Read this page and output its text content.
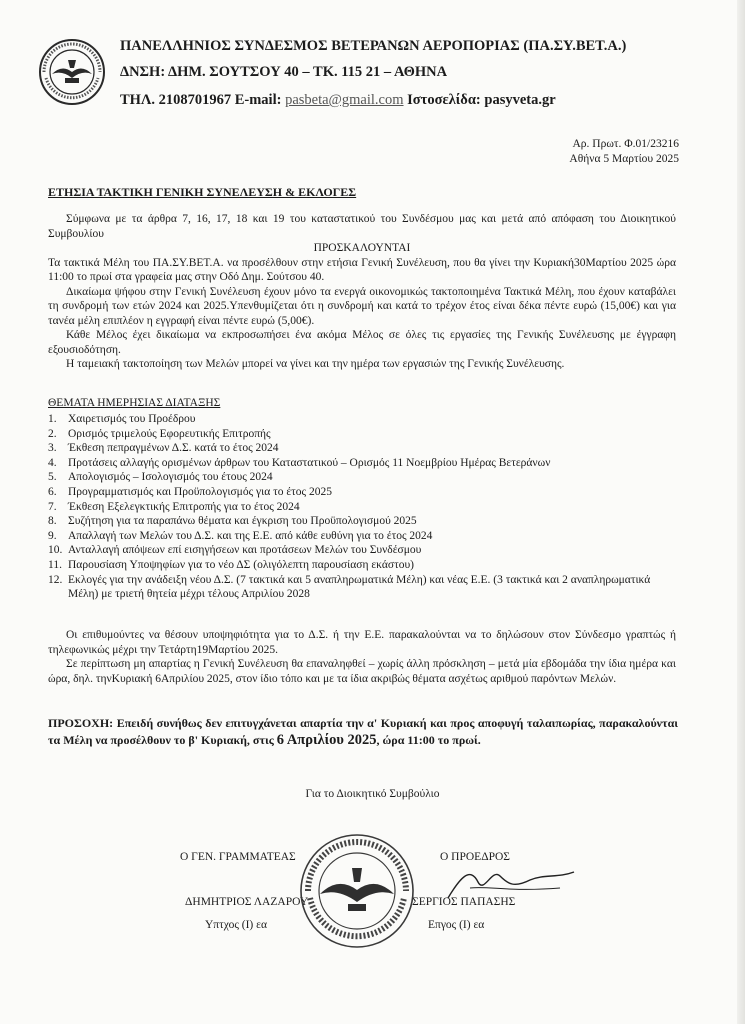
ΠΑΝΕΛΛΗΝΙΟΣ ΣΥΝΔΕΣΜΟΣ ΒΕΤΕΡΑΝΩΝ ΑΕΡΟΠΟΡΙΑΣ (ΠΑ.ΣΥ.ΒΕΤ.Α.)
ΔΝΣΗ: ΔΗΜ. ΣΟΥΤΣΟΥ 40 – ΤΚ. 115 21 – ΑΘΗΝΑ
ΤΗΛ. 2108701967 E-mail: pasbeta@gmail.com Ιστοσελίδα: pasyveta.gr
Αρ. Πρωτ. Φ.01/23216
Αθήνα 5 Μαρτίου 2025
ΕΤΗΣΙΑ ΤΑΚΤΙΚΗ ΓΕΝΙΚΗ ΣΥΝΕΛΕΥΣΗ & ΕΚΛΟΓΕΣ

Σύμφωνα με τα άρθρα 7, 16, 17, 18 και 19 του καταστατικού του Συνδέσμου μας και μετά από απόφαση του Διοικητικού Συμβουλίου

ΠΡΟΣΚΑΛΟΥΝΤΑΙ

Τα τακτικά Μέλη του ΠΑ.ΣΥ.ΒΕΤ.Α. να προσέλθουν στην ετήσια Γενική Συνέλευση, που θα γίνει την Κυριακή30Μαρτίου 2025 ώρα 11:00 το πρωί στα γραφεία μας στην Οδό Δημ. Σούτσου 40.

Δικαίωμα ψήφου στην Γενική Συνέλευση έχουν μόνο τα ενεργά οικονομικώς τακτοποιημένα Τακτικά Μέλη, που έχουν καταβάλει τη συνδρομή των ετών 2024 και 2025.Υπενθυμίζεται ότι η συνδρομή και κατά το τρέχον έτος είναι δέκα πέντε ευρώ (15,00€) και για τανέα μέλη επιπλέον η εγγραφή είναι πέντε ευρώ (5,00€).

Κάθε Μέλος έχει δικαίωμα να εκπροσωπήσει ένα ακόμα Μέλος σε όλες τις εργασίες της Γενικής Συνέλευσης με έγγραφη εξουσιοδότηση.

Η ταμειακή τακτοποίηση των Μελών μπορεί να γίνει και την ημέρα των εργασιών της Γενικής Συνέλευσης.

ΘΕΜΑΤΑ ΗΜΕΡΗΣΙΑΣ ΔΙΑΤΑΞΗΣ
1. Χαιρετισμός του Προέδρου
2. Ορισμός τριμελούς Εφορευτικής Επιτροπής
3. Έκθεση πεπραγμένων Δ.Σ. κατά το έτος 2024
4. Προτάσεις αλλαγής ορισμένων άρθρων του Καταστατικού – Ορισμός 11 Νοεμβρίου Ημέρας Βετεράνων
5. Απολογισμός – Ισολογισμός του έτους 2024
6. Προγραμματισμός και Προϋπολογισμός για το έτος 2025
7. Έκθεση Εξελεγκτικής Επιτροπής για το έτος 2024
8. Συζήτηση για τα παραπάνω θέματα και έγκριση του Προϋπολογισμού 2025
9. Απαλλαγή των Μελών του Δ.Σ. και της Ε.Ε. από κάθε ευθύνη για το έτος 2024
10. Ανταλλαγή απόψεων επί εισηγήσεων και προτάσεων Μελών του Συνδέσμου
11. Παρουσίαση Υποψηφίων για το νέο ΔΣ (ολιγόλεπτη παρουσίαση εκάστου)
12. Εκλογές για την ανάδειξη νέου Δ.Σ. (7 τακτικά και 5 αναπληρωματικά Μέλη) και νέας Ε.Ε. (3 τακτικά και 2 αναπληρωματικά Μέλη) με τριετή θητεία μέχρι τέλους Απριλίου 2028

Οι επιθυμούντες να θέσουν υποψηφιότητα για το Δ.Σ. ή την Ε.Ε. παρακαλούνται να το δηλώσουν στον Σύνδεσμο γραπτώς ή τηλεφωνικώς μέχρι την Τετάρτη19Μαρτίου 2025.

Σε περίπτωση μη απαρτίας η Γενική Συνέλευση θα επαναληφθεί – χωρίς άλλη πρόσκληση – μετά μία εβδομάδα την ίδια ημέρα και ώρα, δηλ. τηνΚυριακή 6Απριλίου 2025, στον ίδιο τόπο και με τα ίδια ακριβώς θέματα ασχέτως αριθμού παρόντων Μελών.

ΠΡΟΣΟΧΗ: Επειδή συνήθως δεν επιτυγχάνεται απαρτία την α' Κυριακή και προς αποφυγή ταλαιπωρίας, παρακαλούνται τα Μέλη να προσέλθουν το β' Κυριακή, στις 6 Απριλίου 2025, ώρα 11:00 το πρωί.
Για το Διοικητικό Συμβούλιο
Ο ΓΕΝ. ΓΡΑΜΜΑΤΕΑΣ
ΔΗΜΗΤΡΙΟΣ ΛΑΖΑΡΟΥ
Υπτχος (Ι) εα
Ο ΠΡΟΕΔΡΟΣ
ΣΕΡΓΙΟΣ ΠΑΠΑΣΗΣ
Επγος (Ι) εα
